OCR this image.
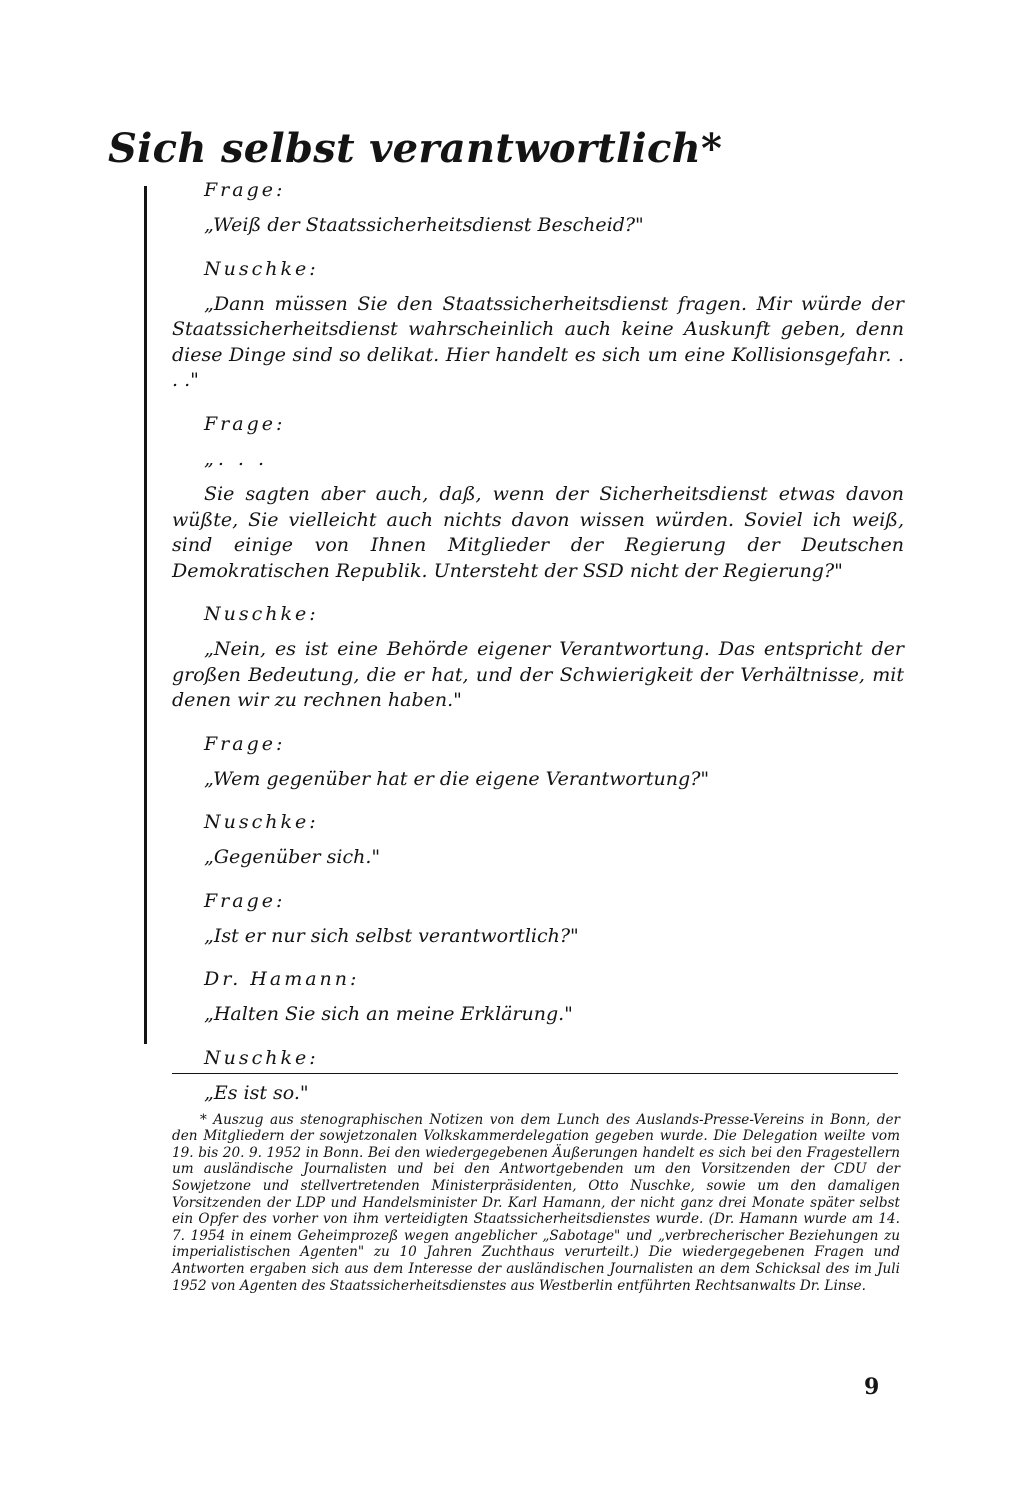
Sich selbst verantwortlich*
Frage:
„Weiß der Staatssicherheitsdienst Bescheid?"
Nuschke:
„Dann müssen Sie den Staatssicherheitsdienst fragen. Mir würde der Staatssicherheitsdienst wahrscheinlich auch keine Auskunft geben, denn diese Dinge sind so delikat. Hier handelt es sich um eine Kollisionsgefahr. . . ."
Frage:
„. . .
Sie sagten aber auch, daß, wenn der Sicherheitsdienst etwas davon wüßte, Sie vielleicht auch nichts davon wissen würden. Soviel ich weiß, sind einige von Ihnen Mitglieder der Regierung der Deutschen Demokratischen Republik. Untersteht der SSD nicht der Regierung?"
Nuschke:
„Nein, es ist eine Behörde eigener Verantwortung. Das entspricht der großen Bedeutung, die er hat, und der Schwierigkeit der Verhältnisse, mit denen wir zu rechnen haben."
Frage:
„Wem gegenüber hat er die eigene Verantwortung?"
Nuschke:
„Gegenüber sich."
Frage:
„Ist er nur sich selbst verantwortlich?"
Dr. Hamann:
„Halten Sie sich an meine Erklärung."
Nuschke:
„Es ist so."

* Auszug aus stenographischen Notizen von dem Lunch des Auslands-Presse-Vereins in Bonn, der den Mitgliedern der sowjetzonalen Volkskammerdelegation gegeben wurde. Die Delegation weilte vom 19. bis 20. 9. 1952 in Bonn. Bei den wiedergegebenen Äußerungen handelt es sich bei den Fragestellern um ausländische Journalisten und bei den Antwortgebenden um den Vorsitzenden der CDU der Sowjetzone und stellvertretenden Ministerpräsidenten, Otto Nuschke, sowie um den damaligen Vorsitzenden der LDP und Handelsminister Dr. Karl Hamann, der nicht ganz drei Monate später selbst ein Opfer des vorher von ihm verteidigten Staatssicherheitsdienstes wurde. (Dr. Hamann wurde am 14. 7. 1954 in einem Geheimprozeß wegen angeblicher „Sabotage" und „verbrecherischer Beziehungen zu imperialistischen Agenten" zu 10 Jahren Zuchthaus verurteilt.) Die wiedergegebenen Fragen und Antworten ergaben sich aus dem Interesse der ausländischen Journalisten an dem Schicksal des im Juli 1952 von Agenten des Staatssicherheitsdienstes aus Westberlin entführten Rechtsanwalts Dr. Linse.

9
